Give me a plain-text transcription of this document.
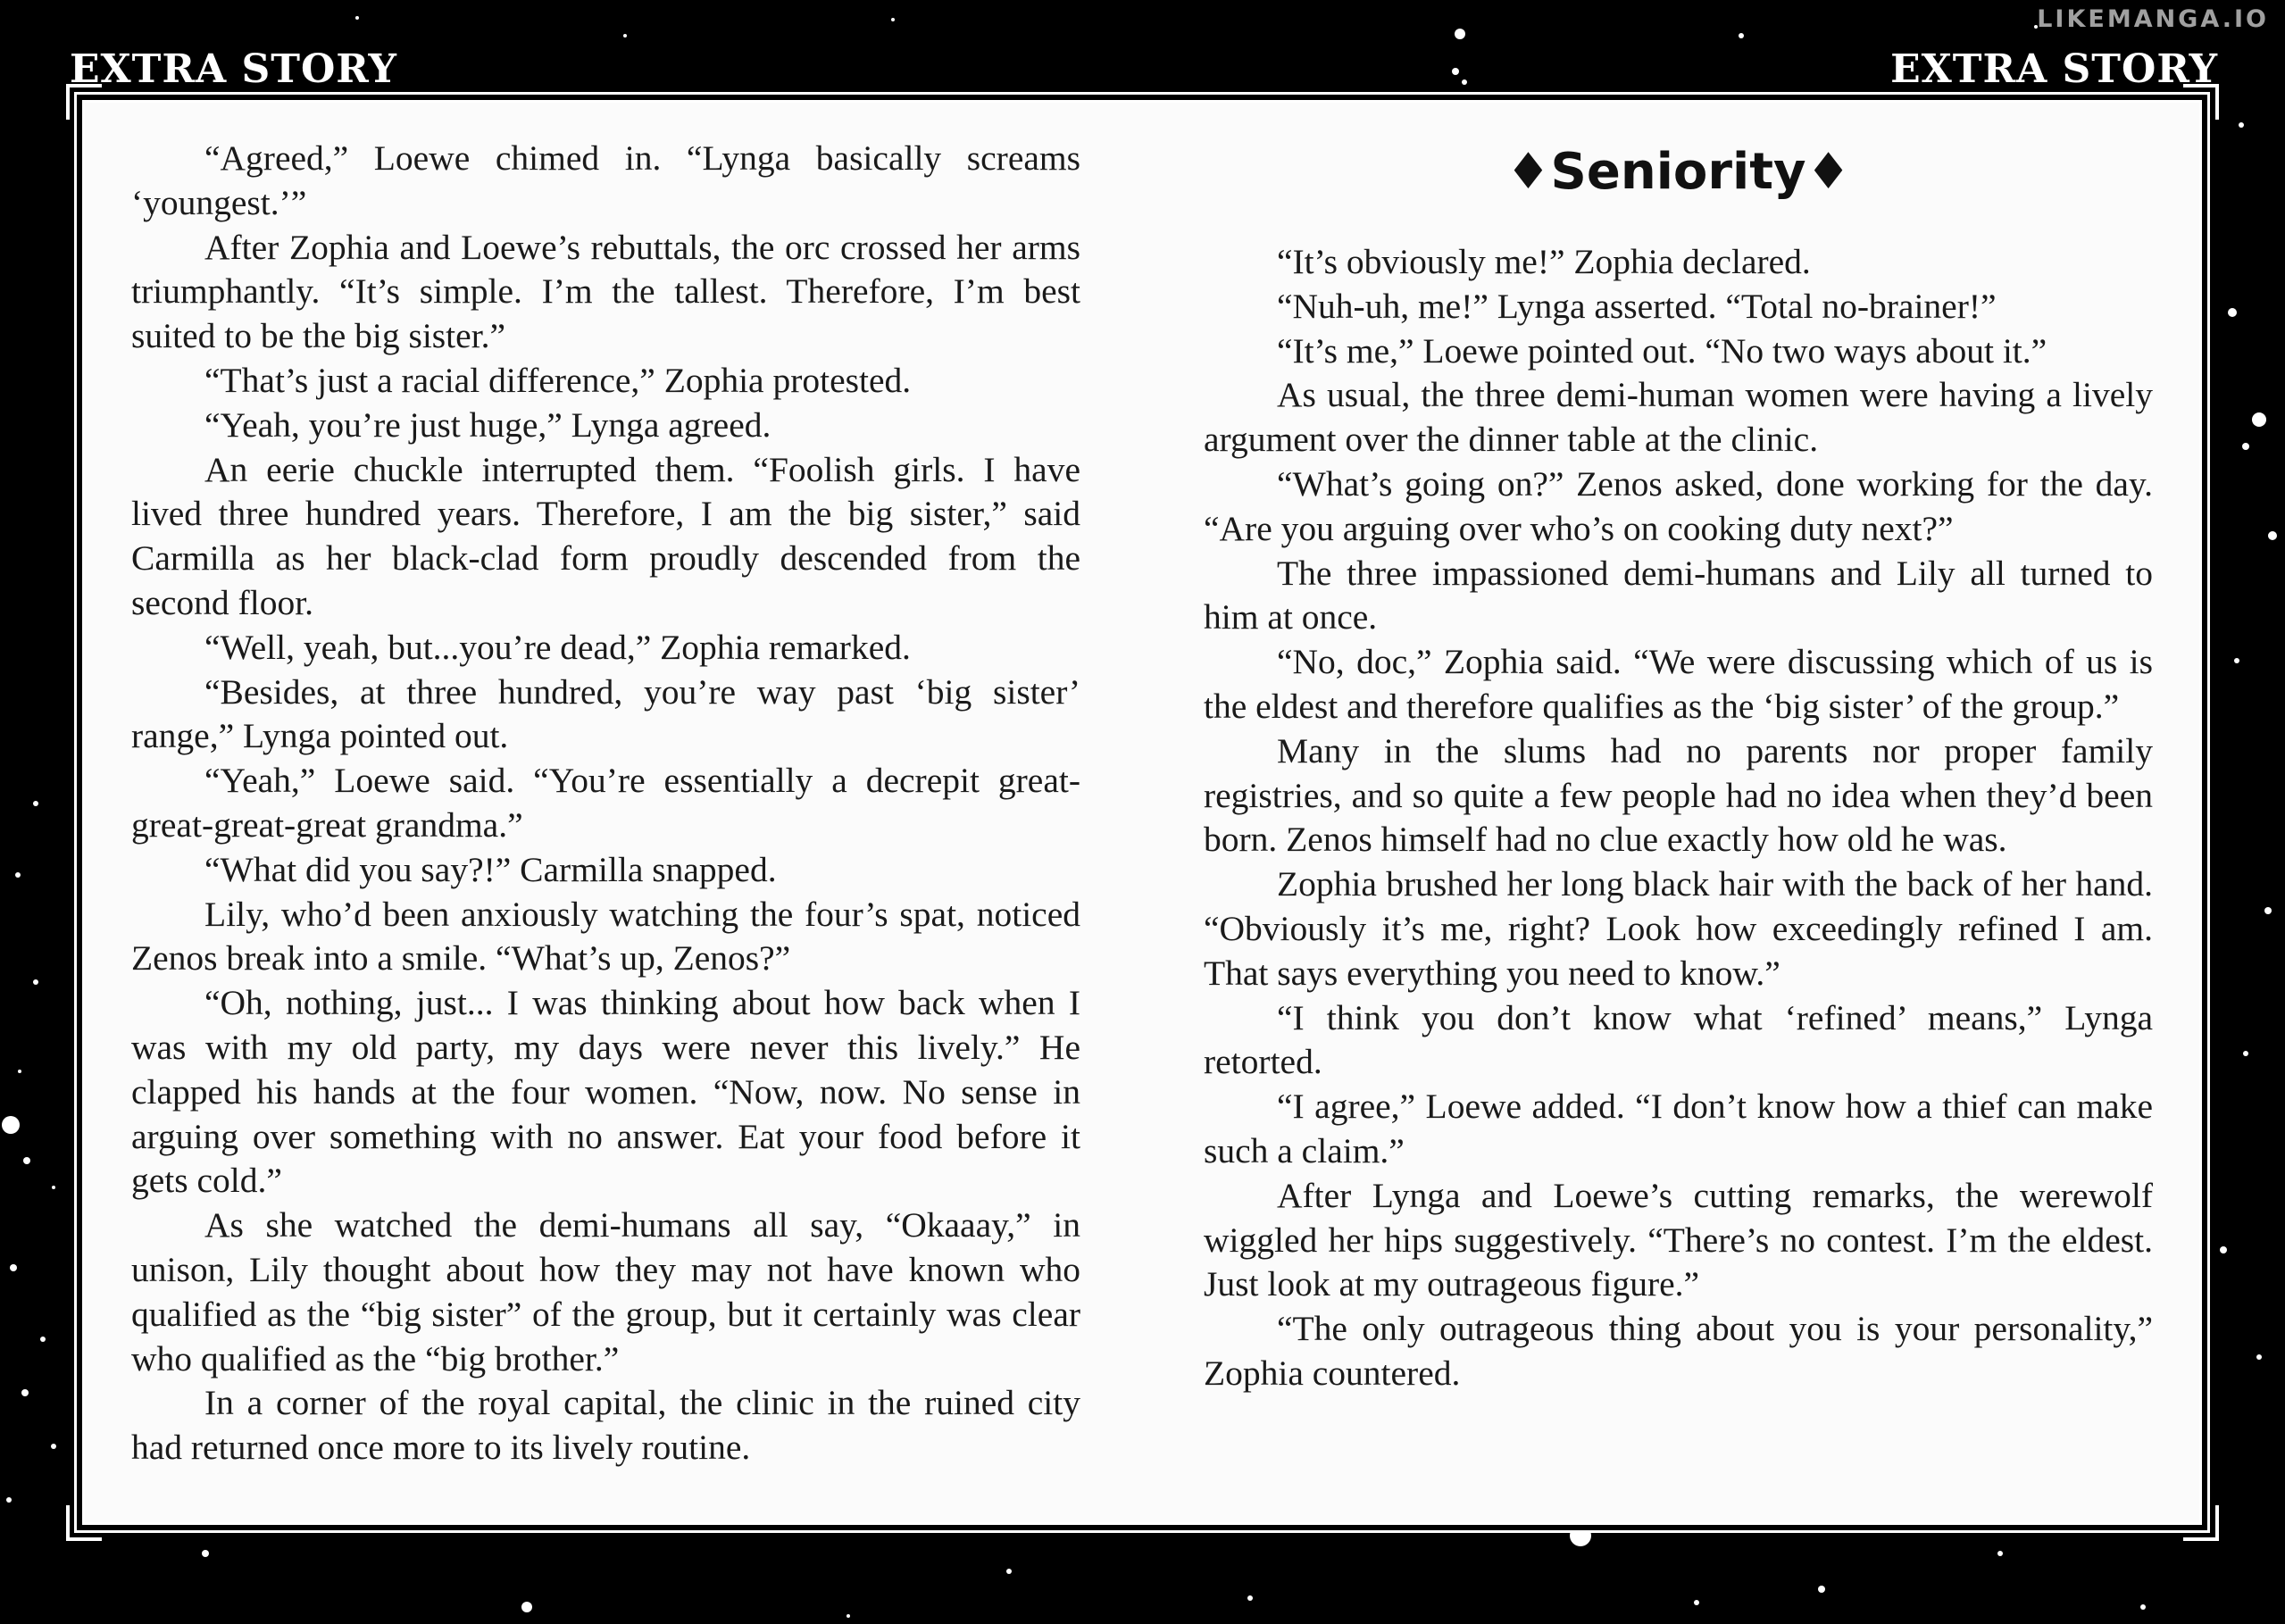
LIKEMANGA.IO
EXTRA STORY	EXTRA STORY

“Agreed,” Loewe chimed in. “Lynga basically screams ‘youngest.’”

After Zophia and Loewe’s rebuttals, the orc crossed her arms triumphantly. “It’s simple. I’m the tallest. Therefore, I’m best suited to be the big sister.”

“That’s just a racial difference,” Zophia protested.

“Yeah, you’re just huge,” Lynga agreed.

An eerie chuckle interrupted them. “Foolish girls. I have lived three hundred years. Therefore, I am the big sister,” said Carmilla as her black-clad form proudly descended from the second floor.

“Well, yeah, but...you’re dead,” Zophia remarked.

“Besides, at three hundred, you’re way past ‘big sister’ range,” Lynga pointed out.

“Yeah,” Loewe said. “You’re essentially a decrepit great-great-great-great grandma.”

“What did you say?!” Carmilla snapped.

Lily, who’d been anxiously watching the four’s spat, noticed Zenos break into a smile. “What’s up, Zenos?”

“Oh, nothing, just... I was thinking about how back when I was with my old party, my days were never this lively.” He clapped his hands at the four women. “Now, now. No sense in arguing over something with no answer. Eat your food before it gets cold.”

As she watched the demi-humans all say, “Okaaay,” in unison, Lily thought about how they may not have known who qualified as the “big sister” of the group, but it certainly was clear who qualified as the “big brother.”

In a corner of the royal capital, the clinic in the ruined city had returned once more to its lively routine.

♦Seniority♦

“It’s obviously me!” Zophia declared.

“Nuh-uh, me!” Lynga asserted. “Total no-brainer!”

“It’s me,” Loewe pointed out. “No two ways about it.”

As usual, the three demi-human women were having a lively argument over the dinner table at the clinic.

“What’s going on?” Zenos asked, done working for the day. “Are you arguing over who’s on cooking duty next?”

The three impassioned demi-humans and Lily all turned to him at once.

“No, doc,” Zophia said. “We were discussing which of us is the eldest and therefore qualifies as the ‘big sister’ of the group.”

Many in the slums had no parents nor proper family registries, and so quite a few people had no idea when they’d been born. Zenos himself had no clue exactly how old he was.

Zophia brushed her long black hair with the back of her hand. “Obviously it’s me, right? Look how exceedingly refined I am. That says everything you need to know.”

“I think you don’t know what ‘refined’ means,” Lynga retorted.

“I agree,” Loewe added. “I don’t know how a thief can make such a claim.”

After Lynga and Loewe’s cutting remarks, the werewolf wiggled her hips suggestively. “There’s no contest. I’m the eldest. Just look at my outrageous figure.”

“The only outrageous thing about you is your personality,” Zophia countered.
